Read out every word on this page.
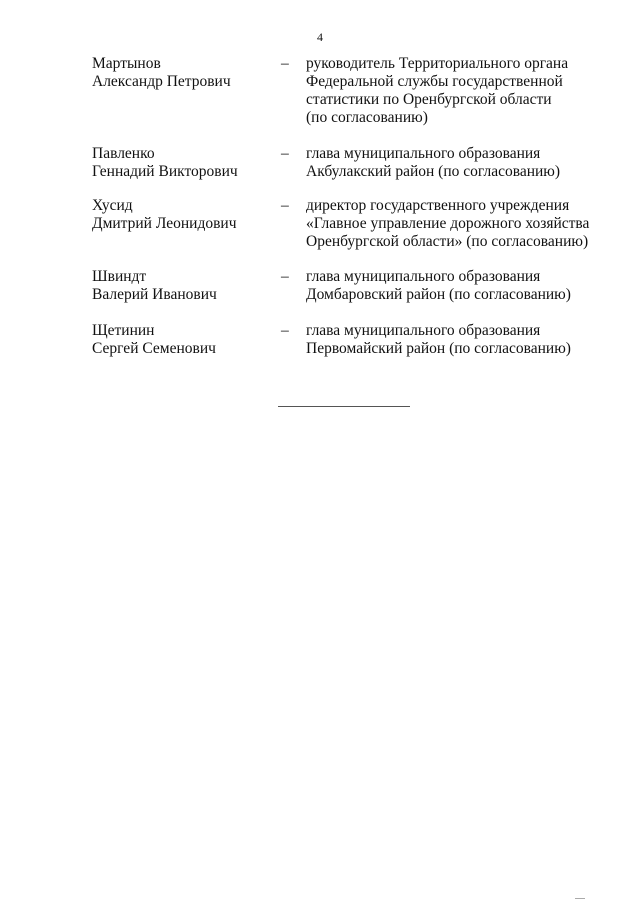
4
Мартынов
Александр Петрович
– руководитель Территориального органа
Федеральной службы государственной
статистики по Оренбургской области
(по согласованию)
Павленко
Геннадий Викторович
– глава муниципального образования
Акбулакский район (по согласованию)
Хусид
Дмитрий Леонидович
– директор государственного учреждения
«Главное управление дорожного хозяйства
Оренбургской области» (по согласованию)
Швиндт
Валерий Иванович
– глава муниципального образования
Домбаровский район (по согласованию)
Щетинин
Сергей Семенович
– глава муниципального образования
Первомайский район (по согласованию)
